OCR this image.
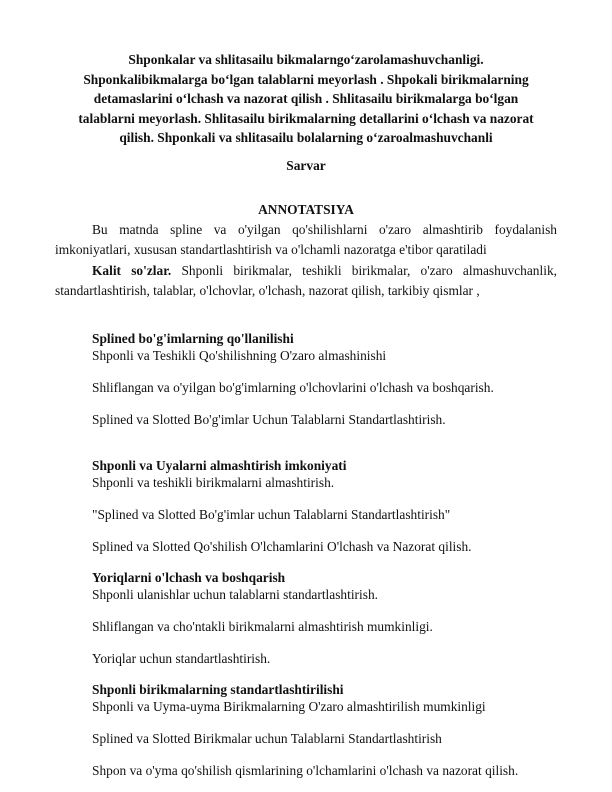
Shponkalar va shlitasailu bikmalarngo‘zarolamashuvchanligi.
Shponkalibikmalarga bo‘lgan talablarni meyorlash . Shpokali birikmalarning
detamaslarini o‘lchash va nazorat qilish . Shlitasailu birikmalarga bo‘lgan
talablarni meyorlash. Shlitasailu birikmalarning detallarini o‘lchash va nazorat
qilish. Shponkali va shlitasailu bolalarning o‘zaroalmashuvchanli
Sarvar
ANNOTATSIYA

Bu matnda spline va o'yilgan qo'shilishlarni o'zaro almashtirib foydalanish imkoniyatlari, xususan standartlashtirish va o'lchamli nazoratga e'tibor qaratiladi

Kalit so'zlar. Shponli birikmalar, teshikli birikmalar, o'zaro almashuvchanlik, standartlashtirish, talablar, o'lchovlar, o'lchash, nazorat qilish, tarkibiy qismlar ,

Splined bo'g'imlarning qo'llanilishi
Shponli va Teshikli Qo'shilishning O'zaro almashinishi
Shliflangan va o'yilgan bo'g'imlarning o'lchovlarini o'lchash va boshqarish.
Splined va Slotted Bo'g'imlar Uchun Talablarni Standartlashtirish.
Shponli va Uyalarni almashtirish imkoniyati
Shponli va teshikli birikmalarni almashtirish.
"Splined va Slotted Bo'g'imlar uchun Talablarni Standartlashtirish"
Splined va Slotted Qo'shilish O'lchamlarini O'lchash va Nazorat qilish.
Yoriqlarni o'lchash va boshqarish
Shponli ulanishlar uchun talablarni standartlashtirish.
Shliflangan va cho'ntakli birikmalarni almashtirish mumkinligi.
Yoriqlar uchun standartlashtirish.
Shponli birikmalarning standartlashtirilishi
Shponli va Uyma-uyma Birikmalarning O'zaro almashtirilish mumkinligi
Splined va Slotted Birikmalar uchun Talablarni Standartlashtirish
Shpon va o'yma qo'shilish qismlarining o'lchamlarini o'lchash va nazorat qilish.
